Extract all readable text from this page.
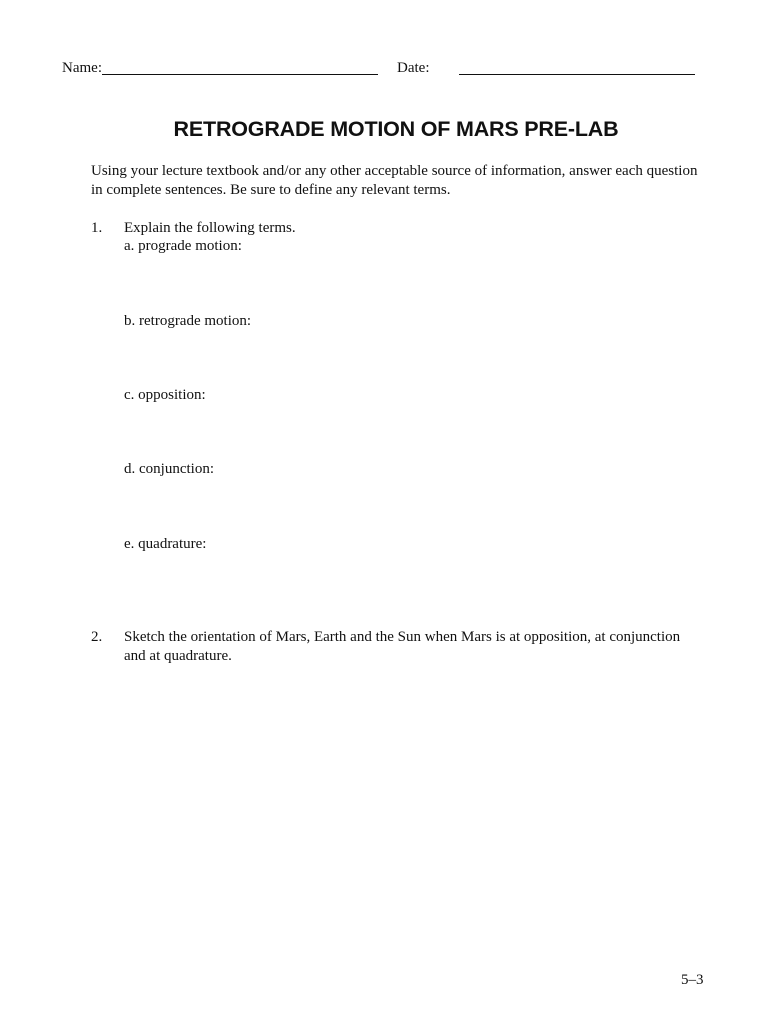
Name:	Date:
RETROGRADE MOTION OF MARS PRE-LAB
Using your lecture textbook and/or any other acceptable source of information, answer each question
in complete sentences. Be sure to define any relevant terms.
1. Explain the following terms.
a. prograde motion:
b. retrograde motion:
c. opposition:
d. conjunction:
e. quadrature:
2. Sketch the orientation of Mars, Earth and the Sun when Mars is at opposition, at conjunction
and at quadrature.
5–3
